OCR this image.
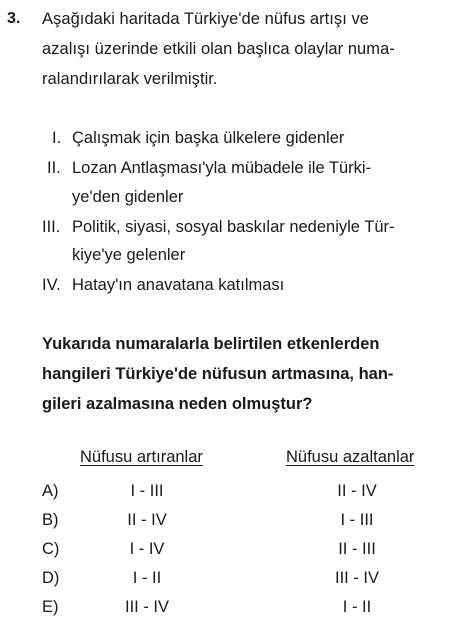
3. Aşağıdaki haritada Türkiye'de nüfus artışı ve
azalışı üzerinde etkili olan başlıca olaylar numa-
ralandırılarak verilmiştir.
I. Çalışmak için başka ülkelere gidenler
II. Lozan Antlaşması'yla mübadele ile Türki-
ye'den gidenler
III. Politik, siyasi, sosyal baskılar nedeniyle Tür-
kiye'ye gelenler
IV. Hatay'ın anavatana katılması
Yukarıda numaralarla belirtilen etkenlerden
hangileri Türkiye'de nüfusun artmasına, han-
gileri azalmasına neden olmuştur?
Nüfusu artıranlar	Nüfusu azaltanlar
A)	I - III	II - IV
B)	II - IV	I - III
C)	I - IV	II - III
D)	I - II	III - IV
E)	III - IV	I - II
